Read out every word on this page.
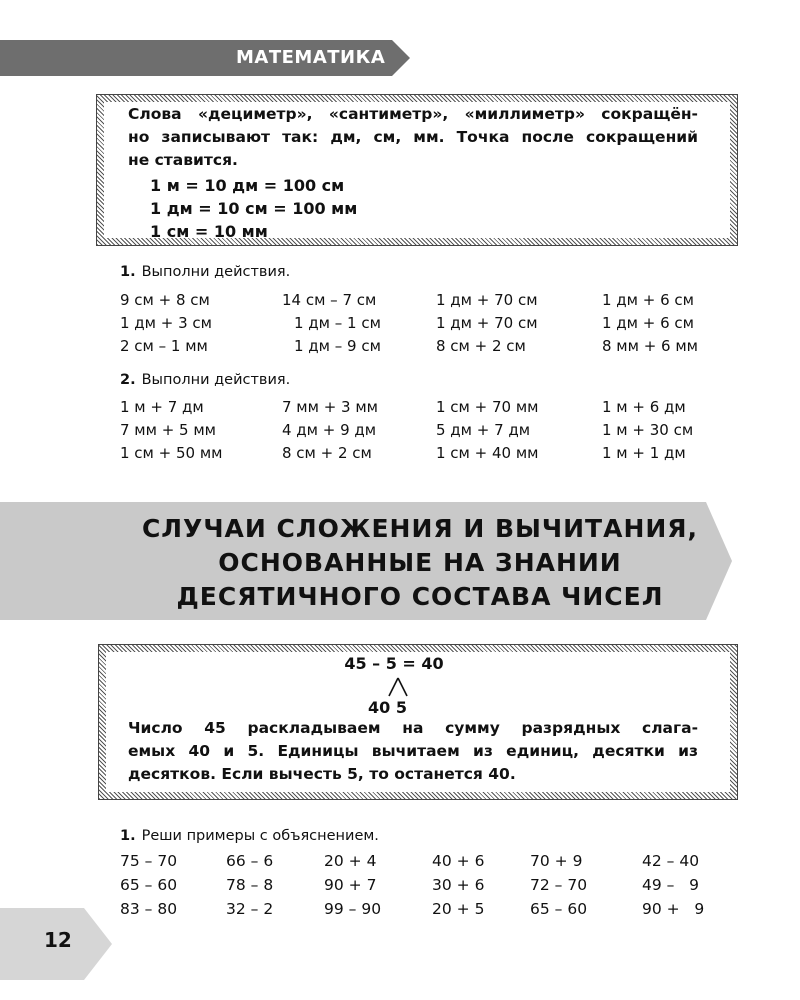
МАТЕМАТИКА
Слова «дециметр», «сантиметр», «миллиметр» сокращён-
но записывают так: дм, см, мм. Точка после сокращений
не ставится.
1 м = 10 дм = 100 см
1 дм = 10 см = 100 мм
1 см = 10 мм
1. Выполни действия.
9 см + 8 см	14 см – 7 см	1 дм + 70 см	1 дм + 6 см
1 дм + 3 см	1 дм – 1 см	1 дм + 70 см	1 дм + 6 см
2 см – 1 мм	1 дм – 9 см	8 см + 2 см	8 мм + 6 мм
2. Выполни действия.
1 м + 7 дм	7 мм + 3 мм	1 см + 70 мм	1 м + 6 дм
7 мм + 5 мм	4 дм + 9 дм	5 дм + 7 дм	1 м + 30 см
1 см + 50 мм	8 см + 2 см	1 см + 40 мм	1 м + 1 дм
СЛУЧАИ СЛОЖЕНИЯ И ВЫЧИТАНИЯ,
ОСНОВАННЫЕ НА ЗНАНИИ
ДЕСЯТИЧНОГО СОСТАВА ЧИСЕЛ
45 – 5 = 40
40 5
Число 45 раскладываем на сумму разрядных слага-
емых 40 и 5. Единицы вычитаем из единиц, десятки из
десятков. Если вычесть 5, то останется 40.
1. Реши примеры с объяснением.
75 – 70	66 – 6	20 + 4	40 + 6	70 + 9	42 – 40
65 – 60	78 – 8	90 + 7	30 + 6	72 – 70	49 –   9
83 – 80	32 – 2	99 – 90	20 + 5	65 – 60	90 +   9
12
